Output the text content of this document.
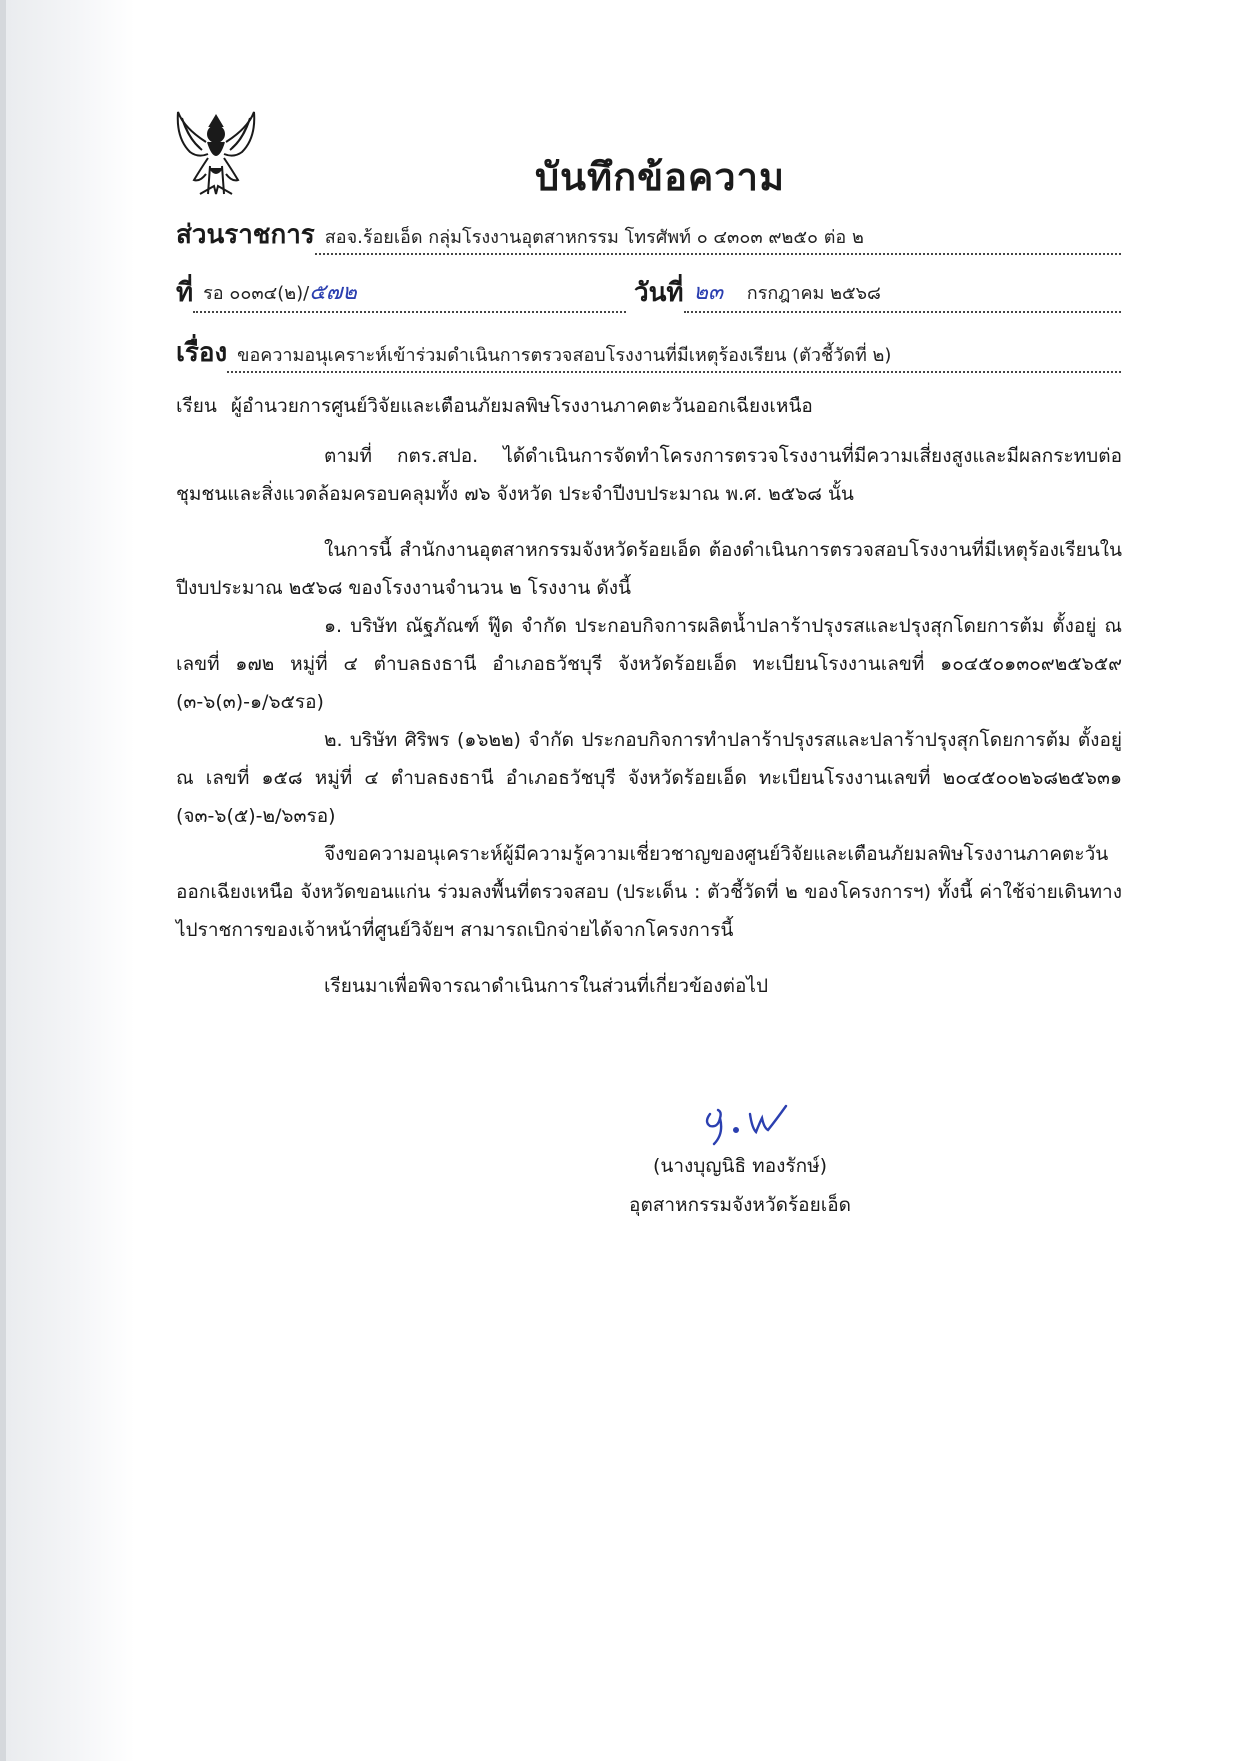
บันทึกข้อความ
ส่วนราชการ สอจ.ร้อยเอ็ด กลุ่มโรงงานอุตสาหกรรม โทรศัพท์ ๐ ๔๓๐๓ ๙๒๕๐ ต่อ ๒
ที่ รอ ๐๐๓๔(๒)/๕๗๒	วันที่ ๒๓ กรกฎาคม ๒๕๖๘
เรื่อง ขอความอนุเคราะห์เข้าร่วมดำเนินการตรวจสอบโรงงานที่มีเหตุร้องเรียน (ตัวชี้วัดที่ ๒)
เรียน ผู้อำนวยการศูนย์วิจัยและเตือนภัยมลพิษโรงงานภาคตะวันออกเฉียงเหนือ

ตามที่ กตร.สปอ. ได้ดำเนินการจัดทำโครงการตรวจโรงงานที่มีความเสี่ยงสูงและมีผลกระทบต่อชุมชนและสิ่งแวดล้อมครอบคลุมทั้ง ๗๖ จังหวัด ประจำปีงบประมาณ พ.ศ. ๒๕๖๘ นั้น

ในการนี้ สำนักงานอุตสาหกรรมจังหวัดร้อยเอ็ด ต้องดำเนินการตรวจสอบโรงงานที่มีเหตุร้องเรียนในปีงบประมาณ ๒๕๖๘ ของโรงงานจำนวน ๒ โรงงาน ดังนี้

๑. บริษัท ณัฐภัณฑ์ ฟู๊ด จำกัด ประกอบกิจการผลิตน้ำปลาร้าปรุงรสและปรุงสุกโดยการต้ม ตั้งอยู่ ณ เลขที่ ๑๗๒ หมู่ที่ ๔ ตำบลธงธานี อำเภอธวัชบุรี จังหวัดร้อยเอ็ด ทะเบียนโรงงานเลขที่ ๑๐๔๕๐๑๓๐๙๒๕๖๕๙ (๓-๖(๓)-๑/๖๕รอ)

๒. บริษัท ศิริพร (๑๖๒๒) จำกัด ประกอบกิจการทำปลาร้าปรุงรสและปลาร้าปรุงสุกโดยการต้ม ตั้งอยู่ ณ เลขที่ ๑๕๘ หมู่ที่ ๔ ตำบลธงธานี อำเภอธวัชบุรี จังหวัดร้อยเอ็ด ทะเบียนโรงงานเลขที่ ๒๐๔๕๐๐๒๖๘๒๕๖๓๑ (จ๓-๖(๕)-๒/๖๓รอ)

จึงขอความอนุเคราะห์ผู้มีความรู้ความเชี่ยวชาญของศูนย์วิจัยและเตือนภัยมลพิษโรงงานภาคตะวันออกเฉียงเหนือ จังหวัดขอนแก่น ร่วมลงพื้นที่ตรวจสอบ (ประเด็น : ตัวชี้วัดที่ ๒ ของโครงการฯ) ทั้งนี้ ค่าใช้จ่ายเดินทางไปราชการของเจ้าหน้าที่ศูนย์วิจัยฯ สามารถเบิกจ่ายได้จากโครงการนี้

เรียนมาเพื่อพิจารณาดำเนินการในส่วนที่เกี่ยวข้องต่อไป

(นางบุญนิธิ ทองรักษ์)
อุตสาหกรรมจังหวัดร้อยเอ็ด
